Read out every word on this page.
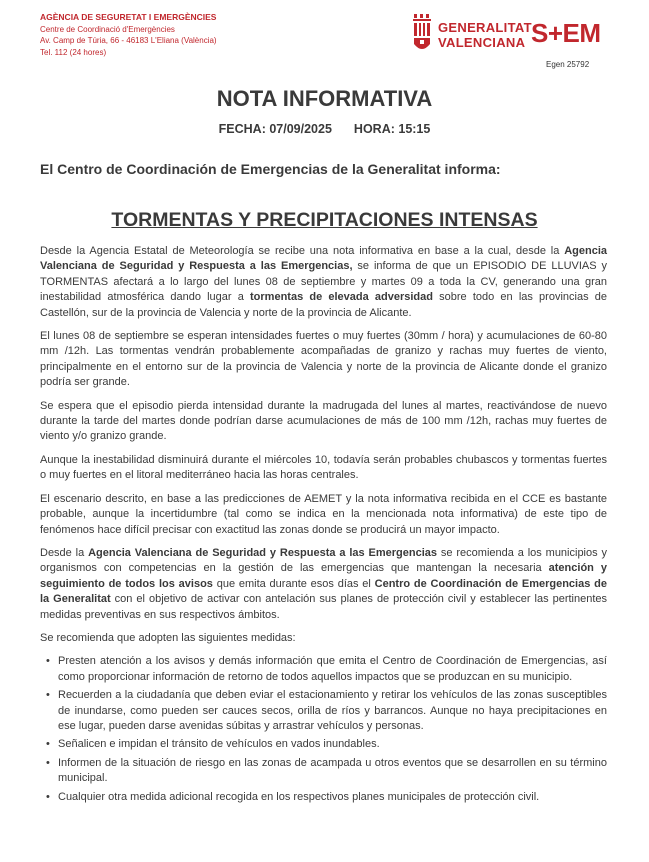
AGÈNCIA DE SEGURETAT I EMERGÈNCIES
Centre de Coordinació d'Emergències
Av. Camp de Túria, 66 - 46183 L'Eliana (València)
Tel. 112 (24 hores)
GENERALITAT
VALENCIANA S+EM
Egen 25792
NOTA INFORMATIVA
FECHA: 07/09/2025 HORA: 15:15
El Centro de Coordinación de Emergencias de la Generalitat informa:
TORMENTAS Y PRECIPITACIONES INTENSAS

Desde la Agencia Estatal de Meteorología se recibe una nota informativa en base a la cual, desde la Agencia Valenciana de Seguridad y Respuesta a las Emergencias, se informa de que un EPISODIO DE LLUVIAS y TORMENTAS afectará a lo largo del lunes 08 de septiembre y martes 09 a toda la CV, generando una gran inestabilidad atmosférica dando lugar a tormentas de elevada adversidad sobre todo en las provincias de Castellón, sur de la provincia de Valencia y norte de la provincia de Alicante.

El lunes 08 de septiembre se esperan intensidades fuertes o muy fuertes (30mm / hora) y acumulaciones de 60-80 mm /12h. Las tormentas vendrán probablemente acompañadas de granizo y rachas muy fuertes de viento, principalmente en el entorno sur de la provincia de Valencia y norte de la provincia de Alicante donde el granizo podría ser grande.

Se espera que el episodio pierda intensidad durante la madrugada del lunes al martes, reactivándose de nuevo durante la tarde del martes donde podrían darse acumulaciones de más de 100 mm /12h, rachas muy fuertes de viento y/o granizo grande.

Aunque la inestabilidad disminuirá durante el miércoles 10, todavía serán probables chubascos y tormentas fuertes o muy fuertes en el litoral mediterráneo hacia las horas centrales.

El escenario descrito, en base a las predicciones de AEMET y la nota informativa recibida en el CCE es bastante probable, aunque la incertidumbre (tal como se indica en la mencionada nota informativa) de este tipo de fenómenos hace difícil precisar con exactitud las zonas donde se producirá un mayor impacto.

Desde la Agencia Valenciana de Seguridad y Respuesta a las Emergencias se recomienda a los municipios y organismos con competencias en la gestión de las emergencias que mantengan la necesaria atención y seguimiento de todos los avisos que emita durante esos días el Centro de Coordinación de Emergencias de la Generalitat con el objetivo de activar con antelación sus planes de protección civil y establecer las pertinentes medidas preventivas en sus respectivos ámbitos.

Se recomienda que adopten las siguientes medidas:

• Presten atención a los avisos y demás información que emita el Centro de Coordinación de Emergencias, así como proporcionar información de retorno de todos aquellos impactos que se produzcan en su municipio.
• Recuerden a la ciudadanía que deben eviar el estacionamiento y retirar los vehículos de las zonas susceptibles de inundarse, como pueden ser cauces secos, orilla de ríos y barrancos. Aunque no haya precipitaciones en ese lugar, pueden darse avenidas súbitas y arrastrar vehículos y personas.
• Señalicen e impidan el tránsito de vehículos en vados inundables.
• Informen de la situación de riesgo en las zonas de acampada u otros eventos que se desarrollen en su término municipal.
• Cualquier otra medida adicional recogida en los respectivos planes municipales de protección civil.
